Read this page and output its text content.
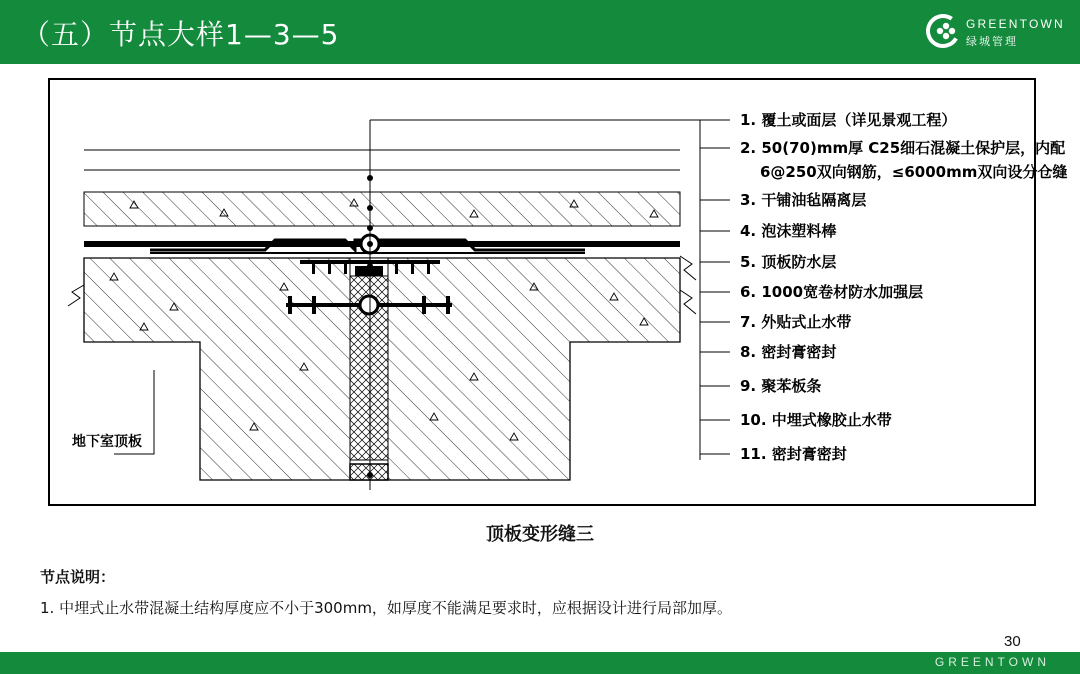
（五）节点大样1—3—5	GREENTOWN
绿城管理
地下室顶板
1. 覆土或面层（详见景观工程）
2. 50(70)mm厚 C25细石混凝土保护层，内配
6@250双向钢筋，≤6000mm双向设分仓缝
3. 干铺油毡隔离层
4. 泡沫塑料棒
5. 顶板防水层
6. 1000宽卷材防水加强层
7. 外贴式止水带
8. 密封膏密封
9. 聚苯板条
10. 中埋式橡胶止水带
11. 密封膏密封
顶板变形缝三
节点说明：
1. 中埋式止水带混凝土结构厚度应不小于300mm，如厚度不能满足要求时，应根据设计进行局部加厚。
30
GREENTOWN
